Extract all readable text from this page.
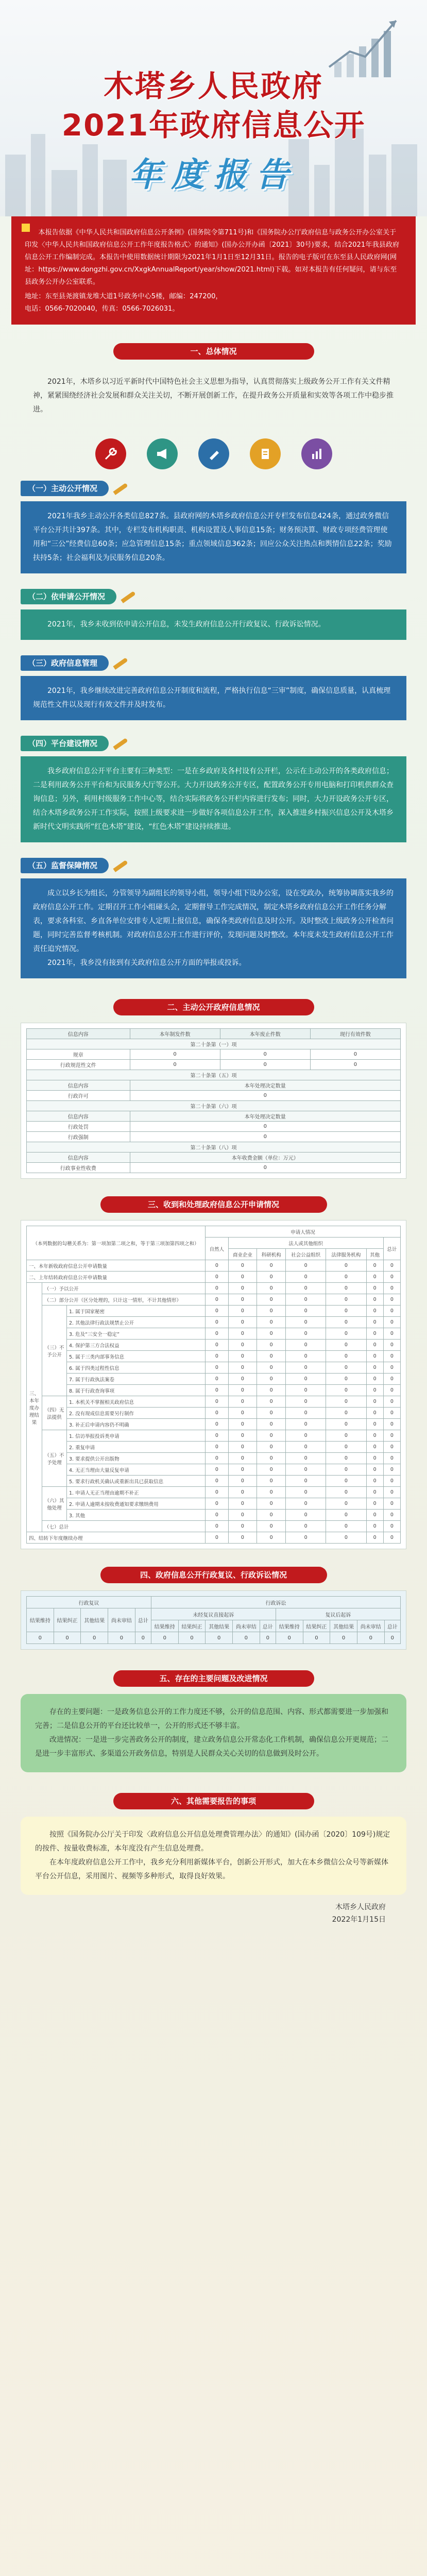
木塔乡人民政府
2021年政府信息公开
年度报告

本报告依据《中华人民共和国政府信息公开条例》(国务院令第711号)和《国务院办公厅政府信息与政务公开办公室关于印发〈中华人民共和国政府信息公开工作年度报告格式〉的通知》(国办公开办函〔2021〕30号)要求，结合2021年我县政府信息公开工作编制完成。本报告中使用数据统计期限为2021年1月1日至12月31日。报告的电子版可在东至县人民政府网(网址：https://www.dongzhi.gov.cn/XxgkAnnualReport/year/show/2021.html)下载。如对本报告有任何疑问，请与东至县政务公开办公室联系。

地址：东至县尧渡镇龙堆大道1号政务中心5楼，邮编：247200，

电话：0566-7020040，传真：0566-7026031。

一、总体情况

2021年，木塔乡以习近平新时代中国特色社会主义思想为指导，认真贯彻落实上级政务公开工作有关文件精神，紧紧围绕经济社会发展和群众关注关切，不断开展创新工作，在提升政务公开质量和实效等各项工作中稳步推进。

（一）主动公开情况

2021年我乡主动公开各类信息827条。县政府网的木塔乡政府信息公开专栏发布信息424条，通过政务微信平台公开共计397条。其中，专栏发布机构职责、机构设置及人事信息15条；财务预决算、财政专项经费管理使用和“三公”经费信息60条；应急管理信息15条；重点领域信息362条；回应公众关注热点和舆情信息22条；奖励扶持5条；社会福利及为民服务信息20条。

（二）依申请公开情况

2021年，我乡未收到依申请公开信息，未发生政府信息公开行政复议、行政诉讼情况。

（三）政府信息管理

2021年，我乡继续改进完善政府信息公开制度和流程，严格执行信息“三审”制度，确保信息质量，认真梳理规范性文件以及现行有效文件并及时发布。

（四）平台建设情况

我乡政府信息公开平台主要有三种类型：一是在乡政府及各村设有公开栏，公示在主动公开的各类政府信息；二是利用政务公开平台和为民服务大厅等公开。大力开设政务公开专区，配置政务公开专用电脑和打印机供群众查询信息；另外，利用村级服务工作中心等，结合实际将政务公开栏内容进行发布；同时，大力开设政务公开专区，结合木塔乡政务公开工作实际，按照上级要求进一步做好各项信息公开工作，深入推进乡村振兴信息公开及木塔乡新时代文明实践所“红色木塔”建设，“红色木塔”建设持续推进。

（五）监督保障情况

成立以乡长为组长，分管领导为副组长的领导小组，领导小组下设办公室，设在党政办，统筹协调落实我乡的政府信息公开工作。定期召开工作小组碰头会，定期督导工作完成情况，制定木塔乡政府信息公开工作任务分解表，要求各科室、乡直各单位安排专人定期上报信息，确保各类政府信息及时公开。及时整改上级政务公开检查问题，同时完善监督考核机制。对政府信息公开工作进行评价，发现问题及时整改。本年度未发生政府信息公开工作责任追究情况。

2021年，我乡没有接到有关政府信息公开方面的举报或投诉。

二、主动公开政府信息情况
信息内容	本年制发件数	本年废止件数	现行有效件数
第二十条第（一）项			
规章	0	0	0
行政规范性文件	0	0	0
第二十条第（五）项			
信息内容	本年处理决定数量		
行政许可	0		
第二十条第（六）项			
信息内容	本年处理决定数量		
行政处罚	0		
行政强制	0		
第二十条第（八）项			
信息内容	本年收费金额（单位：万元）		
行政事业性收费	0		
三、收到和处理政府信息公开申请情况
（本列数据的勾稽关系为：第一项加第二项之和，等于第三项加第四项之和）			申请人情况						
			自然人	法人或其他组织					总计
				商业企业	科研机构	社会公益组织	法律服务机构	其他	
一、本年新收政府信息公开申请数量			0	0	0	0	0	0	0
二、上年结转政府信息公开申请数量			0	0	0	0	0	0	0
三、本年度办理结果	（一）予以公开		0	0	0	0	0	0	0
	（二）部分公开（区分处理的，只计这一情形，不计其他情形）		0	0	0	0	0	0	0
	（三）不予公开	1. 属于国家秘密	0	0	0	0	0	0	0
		2. 其他法律行政法规禁止公开	0	0	0	0	0	0	0
		3. 危及“三安全一稳定”	0	0	0	0	0	0	0
		4. 保护第三方合法权益	0	0	0	0	0	0	0
		5. 属于三类内部事务信息	0	0	0	0	0	0	0
		6. 属于四类过程性信息	0	0	0	0	0	0	0
		7. 属于行政执法案卷	0	0	0	0	0	0	0
		8. 属于行政查询事项	0	0	0	0	0	0	0
	（四）无法提供	1. 本机关不掌握相关政府信息	0	0	0	0	0	0	0
		2. 没有现成信息需要另行制作	0	0	0	0	0	0	0
		3. 补正后申请内容仍不明确	0	0	0	0	0	0	0
	（五）不予处理	1. 信访举报投诉类申请	0	0	0	0	0	0	0
		2. 重复申请	0	0	0	0	0	0	0
		3. 要求提供公开出版物	0	0	0	0	0	0	0
		4. 无正当理由大量反复申请	0	0	0	0	0	0	0
		5. 要求行政机关确认或重新出具已获取信息	0	0	0	0	0	0	0
	（六）其他处理	1. 申请人无正当理由逾期不补正	0	0	0	0	0	0	0
		2. 申请人逾期未按收费通知要求缴纳费用	0	0	0	0	0	0	0
		3. 其他	0	0	0	0	0	0	0
	（七）总计		0	0	0	0	0	0	0
四、结转下年度继续办理			0	0	0	0	0	0	0
四、政府信息公开行政复议、行政诉讼情况
行政复议					行政诉讼									
结果维持	结果纠正	其他结果	尚未审结	总计	未经复议直接起诉					复议后起诉				
					结果维持	结果纠正	其他结果	尚未审结	总计	结果维持	结果纠正	其他结果	尚未审结	总计
0	0	0	0	0	0	0	0	0	0	0	0	0	0	0
五、存在的主要问题及改进情况

存在的主要问题：一是政务信息公开的工作力度还不够，公开的信息范围、内容、形式都需要进一步加强和完善；二是信息公开的平台还比较单一，公开的形式还不够丰富。

改进情况：一是进一步完善政务公开的制度，建立政务信息公开常态化工作机制，确保信息公开更规范；二是进一步丰富形式、多渠道公开政务信息，特别是人民群众关心关切的信息做到及时公开。

六、其他需要报告的事项

按照《国务院办公厅关于印发〈政府信息公开信息处理费管理办法〉的通知》(国办函〔2020〕109号)规定的按件、按量收费标准，本年度没有产生信息处理费。

在本年度政府信息公开工作中，我乡充分利用新媒体平台，创新公开形式，加大在本乡微信公众号等新媒体平台公开信息，采用图片、视频等多种形式，取得良好效果。

木塔乡人民政府
2022年1月15日
